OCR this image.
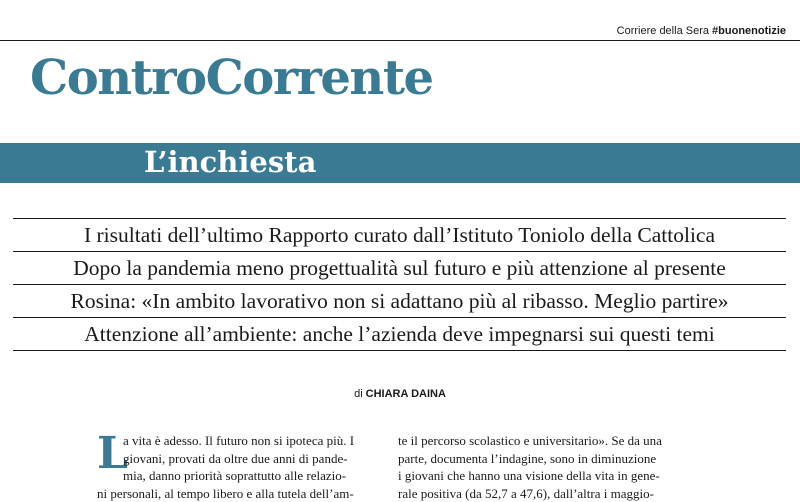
Corriere della Sera #buonenotizie
ControCorrente
L’inchiesta
I risultati dell’ultimo Rapporto curato dall’Istituto Toniolo della Cattolica
Dopo la pandemia meno progettualità sul futuro e più attenzione al presente
Rosina: «In ambito lavorativo non si adattano più al ribasso. Meglio partire»
Attenzione all’ambiente: anche l’azienda deve impegnarsi sui questi temi
di CHIARA DAINA
L

a vita è adesso. Il futuro non si ipoteca più. I

giovani, provati da oltre due anni di pande-

mia, danno priorità soprattutto alle relazio-

ni personali, al tempo libero e alla tutela dell’am-

te il percorso scolastico e universitario». Se da una

parte, documenta l’indagine, sono in diminuzione

i giovani che hanno una visione della vita in gene-

rale positiva (da 52,7 a 47,6), dall’altra i maggio-
